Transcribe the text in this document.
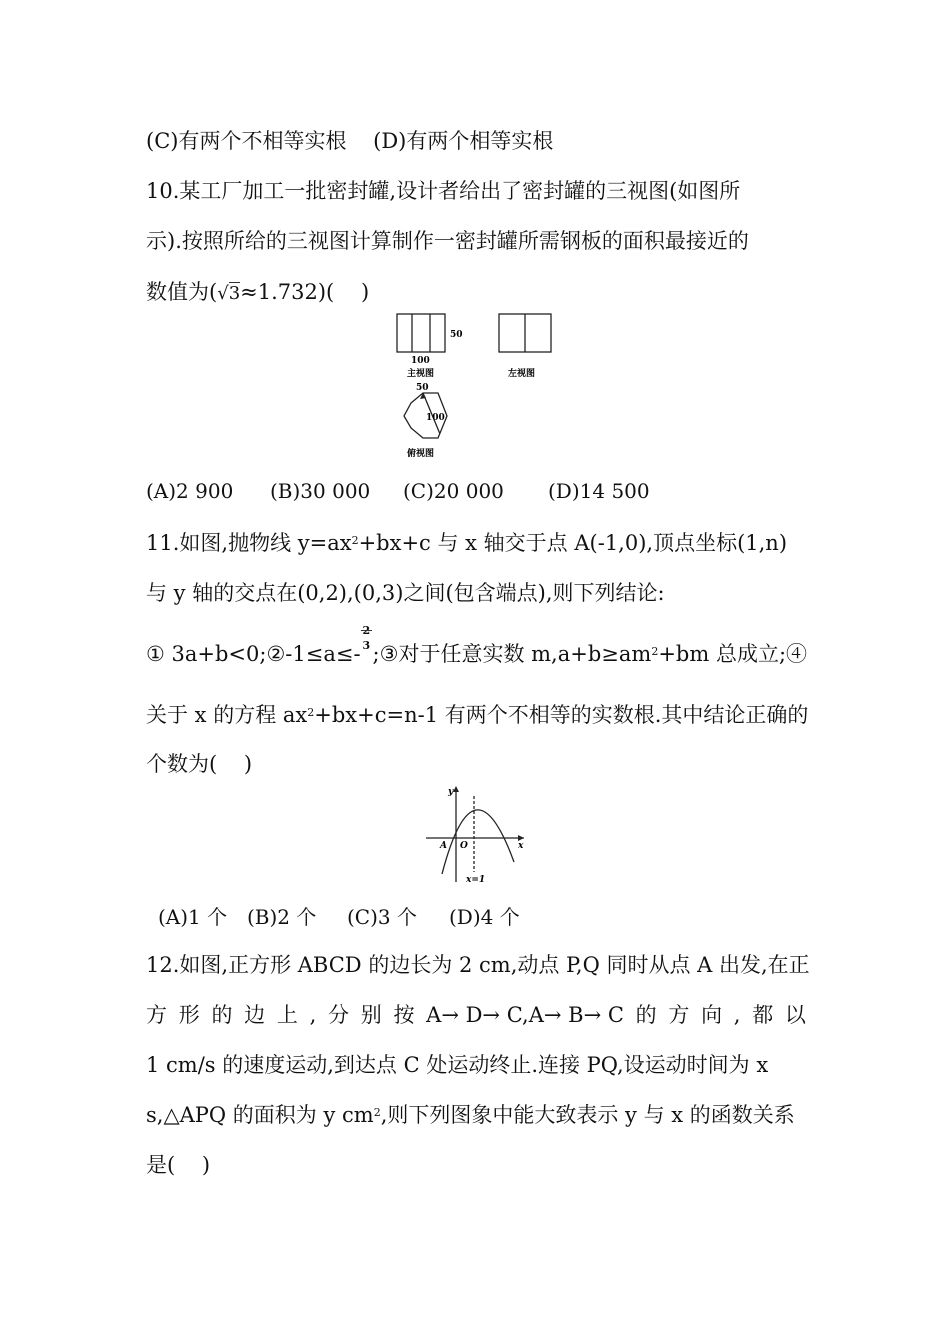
(C)有两个不相等实根 (D)有两个相等实根
10.某工厂加工一批密封罐,设计者给出了密封罐的三视图(如图所
示).按照所给的三视图计算制作一密封罐所需钢板的面积最接近的
数值为(√3≈1.732)(    )
50
100
主视图	左视图
50
100
俯视图
(A)2 900 (B)30 000 (C)20 000 (D)14 500
11.如图,抛物线 $y=ax^2+bx+c$ 与 x 轴交于点 A(-1,0),顶点坐标(1,n)
与 y 轴的交点在(0,2),(0,3)之间(包含端点),则下列结论:
① 3a+b<0;②-1≤a≤-
2
3 ;③对于任意实数 $m,a+b\ge am^2+bm$ 总成立;④
关于 x 的方程 $ax^2+bx+c=n-1$ 有两个不相等的实数根.其中结论正确的
个数为(    )
y
x
A O
x=1
(A)1 个 (B)2 个 (C)3 个 (D)4 个
12.如图,正方形 ABCD 的边长为 2 cm,动点 P,Q 同时从点 A 出发,在正
方 形 的 边 上 , 分 别 按 A→ D→ C,A→ B→ C 的 方 向 , 都 以
1 cm/s 的速度运动,到达点 C 处运动终止.连接 PQ,设运动时间为 x
s,△APQ 的面积为 y $cm^2$,则下列图象中能大致表示 y 与 x 的函数关系
是(    )
